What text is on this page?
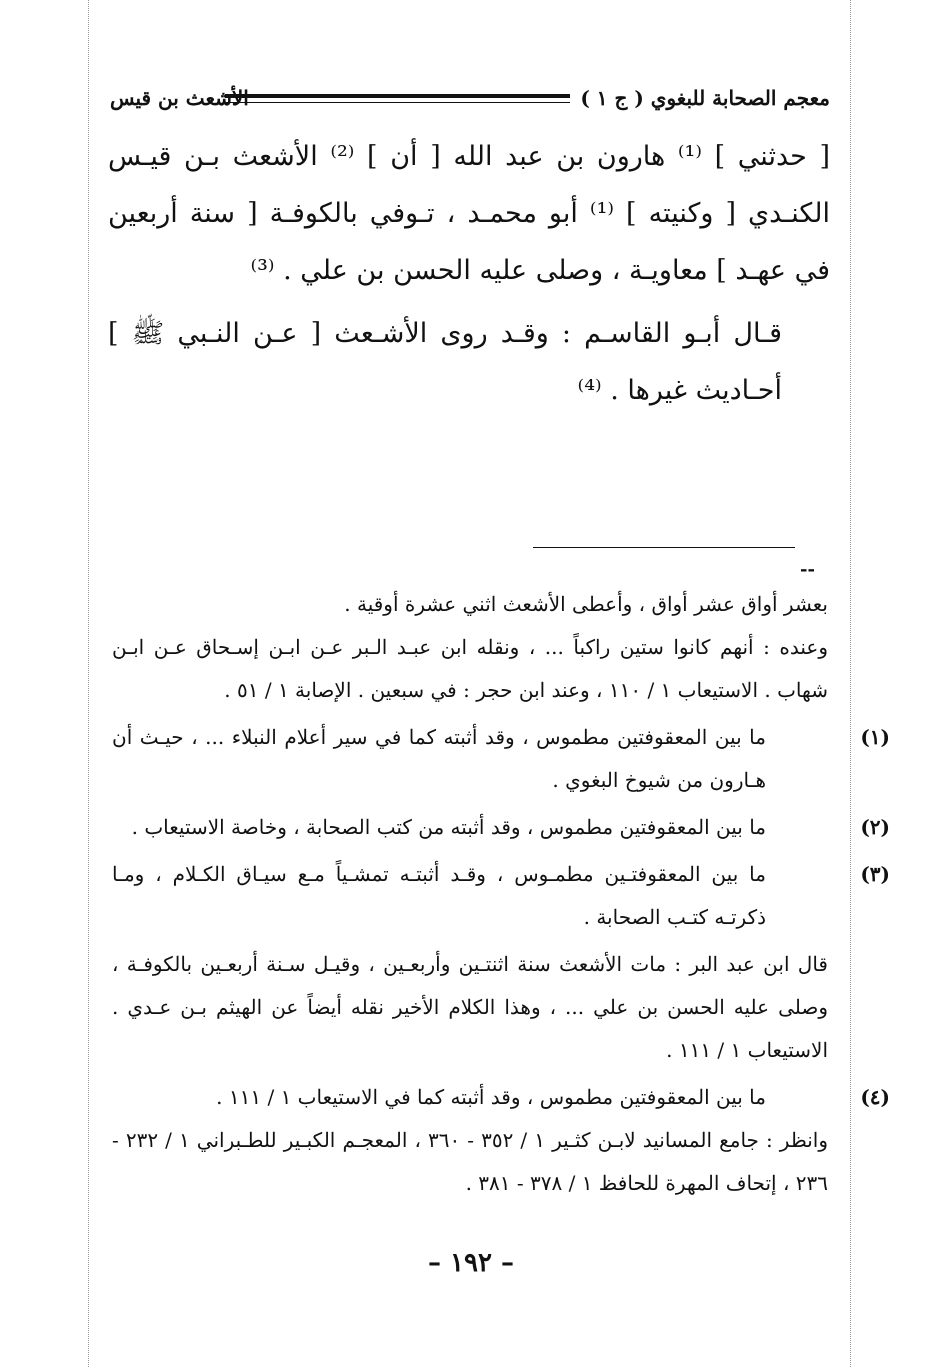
معجم الصحابة للبغوي ( ج ١ )
الأشعث بن قيس

[ حدثني ] ⁽¹⁾ هارون بن عبد الله [ أن ] ⁽²⁾ الأشعث بـن قيـس الكنـدي [ وكنيته ] ⁽¹⁾ أبو محمـد ، تـوفي بالكوفـة [ سنة أربعين في عهـد ] معاويـة ، وصلى عليه الحسن بن علي . ⁽³⁾

قـال أبـو القاسـم : وقـد روى الأشـعث [ عـن النـبي ﷺ ] أحـاديث غيرها . ⁽⁴⁾

--

بعشر أواق عشر أواق ، وأعطى الأشعث اثني عشرة أوقية .

وعنده : أنهم كانوا ستين راكباً ... ، ونقله ابن عبـد الـبر عـن ابـن إسـحاق عـن ابـن شهاب . الاستيعاب ١ / ١١٠ ، وعند ابن حجر : في سبعين . الإصابة ١ / ٥١ .

(١)ما بين المعقوفتين مطموس ، وقد أثبته كما في سير أعلام النبلاء ... ، حيـث أن هـارون من شيوخ البغوي .

(٢)ما بين المعقوفتين مطموس ، وقد أثبته من كتب الصحابة ، وخاصة الاستيعاب .

(٣)ما بين المعقوفتـين مطمـوس ، وقـد أثبتـه تمشـياً مـع سيـاق الكـلام ، ومـا ذكرتـه كتـب الصحابة .

قال ابن عبد البر : مات الأشعث سنة اثنتـين وأربعـين ، وقيـل سـنة أربعـين بالكوفـة ، وصلى عليه الحسن بن علي ... ، وهذا الكلام الأخير نقله أيضاً عن الهيثم بـن عـدي . الاستيعاب ١ / ١١١ .

(٤)ما بين المعقوفتين مطموس ، وقد أثبته كما في الاستيعاب ١ / ١١١ .

وانظر : جامع المسانيد لابـن كثـير ١ / ٣٥٢ - ٣٦٠ ، المعجـم الكبـير للطـبراني ١ / ٢٣٢ - ٢٣٦ ، إتحاف المهرة للحافظ ١ / ٣٧٨ - ٣٨١ .

– ١٩٢ –
